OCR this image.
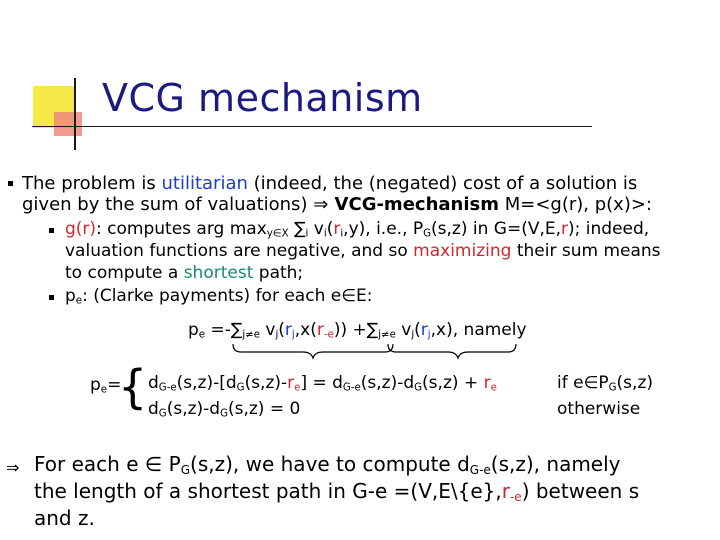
VCG mechanism
The problem is utilitarian (indeed, the (negated) cost of a solution is
given by the sum of valuations) ⇒ VCG-mechanism M=<g(r), p(x)>:
g(r): computes arg $\max_{y\in X} \sum_i$ $v_i(r_i,y)$, i.e., $P_G(s,z)$ in G=(V,E,r); indeed,
valuation functions are negative, and so maximizing their sum means
to compute a shortest path;
$p_e$: (Clarke payments) for each e∈E:
$p_e =-\sum_{j\ne e}$ $v_j(r_j,x(r_{-e})) +\sum_{j\ne e}$ $v_j(r_j,x)$, namely
$p_e=$
{ $d_{G-e}(s,z)-[d_G(s,z)-r_e] = d_{G-e}(s,z)-d_G(s,z) + r_e$	if $e\in P_G(s,z)$
$d_G(s,z)-d_G(s,z) = 0$	otherwise
⇒ For each e ∈ $P_G(s,z)$, we have to compute $d_{G-e}(s,z)$, namely
the length of a shortest path in $G-e =(V,E\backslash\{e\},r_{-e})$ between s
and z.
